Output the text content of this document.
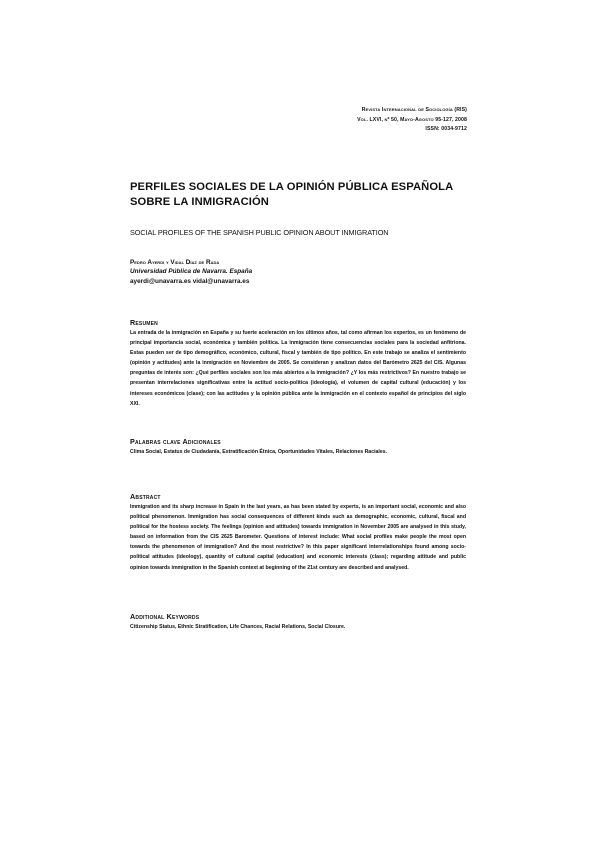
Revista Internacional de Sociología (RIS)
Vol. LXVI, nº 50, Mayo-Agosto 95-127, 2008
ISSN: 0034-9712
PERFILES SOCIALES DE LA OPINIÓN PÚBLICA ESPAÑOLA
SOBRE LA INMIGRACIÓN
SOCIAL PROFILES OF THE SPANISH PUBLIC OPINION ABOUT INMIGRATION
Pedro Ayerdi y Vidal Díaz de Rada
Universidad Pública de Navarra. España
ayerdi@unavarra.es vidal@unavarra.es
Resumen

La entrada de la inmigración en España y su fuerte aceleración en los últimos años, tal como afirman los expertos, es un fenómeno de principal importancia social, económica y también política. La inmigración tiene consecuencias sociales para la sociedad anfitriona. Estas pueden ser de tipo demográfico, económico, cultural, fiscal y también de tipo político. En este trabajo se analiza el sentimiento (opinión y actitudes) ante la inmigración en Noviembre de 2005. Se consideran y analizan datos del Barómetro 2625 del CIS. Algunas preguntas de interés son: ¿Qué perfiles sociales son los más abiertos a la inmigración? ¿Y los más restrictivos? En nuestro trabajo se presentan interrelaciones significativas entre la actitud socio-política (ideología), el volumen de capital cultural (educación) y los intereses económicos (clase); con las actitudes y la opinión pública ante la inmigración en el contexto español de principios del siglo XXI.

Palabras clave Adicionales
Clima Social, Estatus de Ciudadanía, Estratificación Étnica, Oportunidades Vitales, Relaciones Raciales.
Abstract

Immigration and its sharp increase in Spain in the last years, as has been stated by experts, is an important social, economic and also political phenomenon. Immigration has social consequences of different kinds such as demographic, economic, cultural, fiscal and political for the hostess society. The feelings (opinion and attitudes) towards immigration in November 2005 are analysed in this study, based on information from the CIS 2625 Barometer. Questions of interest include: What social profiles make people the most open towards the phenomenon of immigration? And the most restrictive? In this paper significant interrelationships found among socio-political attitudes (ideology), quantity of cultural capital (education) and economic interests (class); regarding attitude and public opinion towards immigration in the Spanish context at beginning of the 21st century are described and analysed.

Additional Keywords
Citizenship Status, Ethnic Stratification, Life Chances, Racial Relations, Social Closure.
